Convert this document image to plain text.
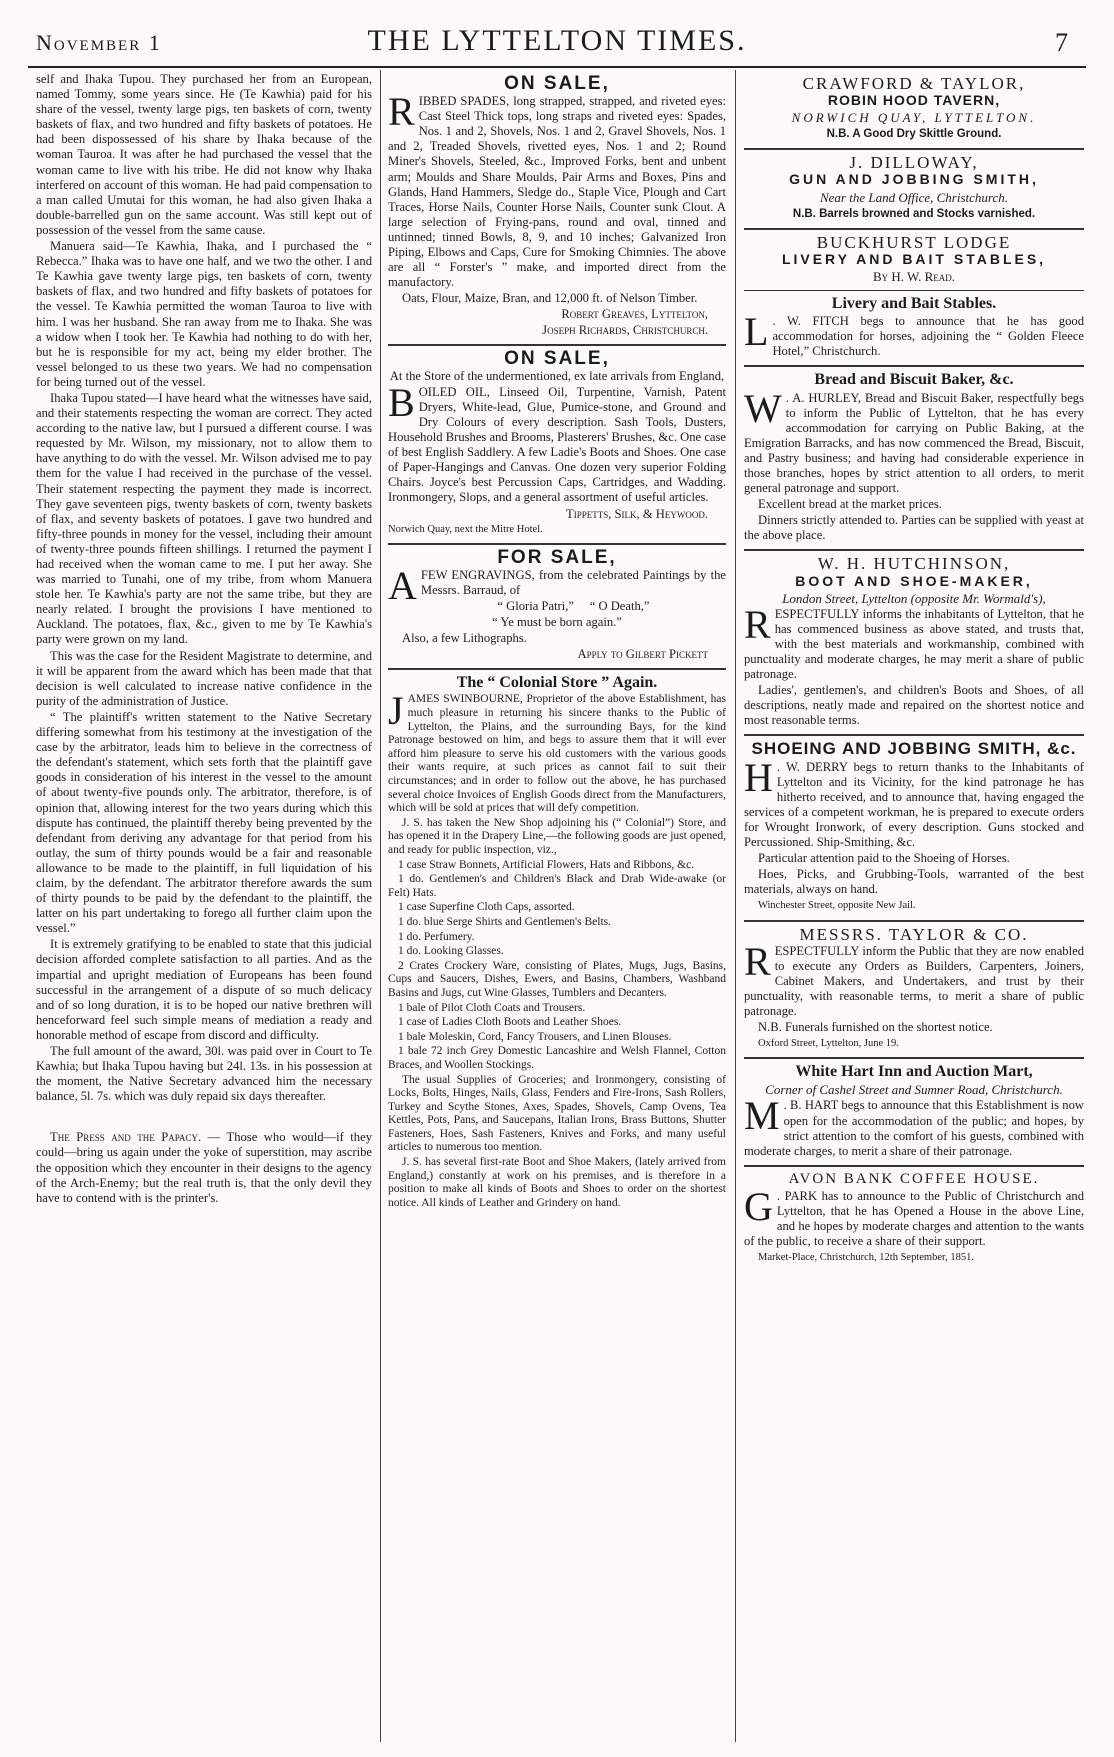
November 1	THE LYTTELTON TIMES.	7

self and Ihaka Tupou. They purchased her from an European, named Tommy, some years since. He (Te Kawhia) paid for his share of the vessel, twenty large pigs, ten baskets of corn, twenty baskets of flax, and two hundred and fifty baskets of potatoes. He had been dispossessed of his share by Ihaka because of the woman Tauroa. It was after he had purchased the vessel that the woman came to live with his tribe. He did not know why Ihaka interfered on account of this woman. He had paid compensation to a man called Umutai for this woman, he had also given Ihaka a double-barrelled gun on the same account. Was still kept out of possession of the vessel from the same cause.

Manuera said—Te Kawhia, Ihaka, and I purchased the “ Rebecca.” Ihaka was to have one half, and we two the other. I and Te Kawhia gave twenty large pigs, ten baskets of corn, twenty baskets of flax, and two hundred and fifty baskets of potatoes for the vessel. Te Kawhia permitted the woman Tauroa to live with him. I was her husband. She ran away from me to Ihaka. She was a widow when I took her. Te Kawhia had nothing to do with her, but he is responsible for my act, being my elder brother. The vessel belonged to us these two years. We had no compensation for being turned out of the vessel.

Ihaka Tupou stated—I have heard what the witnesses have said, and their statements respecting the woman are correct. They acted according to the native law, but I pursued a different course. I was requested by Mr. Wilson, my missionary, not to allow them to have anything to do with the vessel. Mr. Wilson advised me to pay them for the value I had received in the purchase of the vessel. Their statement respecting the payment they made is incorrect. They gave seventeen pigs, twenty baskets of corn, twenty baskets of flax, and seventy baskets of potatoes. I gave two hundred and fifty-three pounds in money for the vessel, including their amount of twenty-three pounds fifteen shillings. I returned the payment I had received when the woman came to me. I put her away. She was married to Tunahi, one of my tribe, from whom Manuera stole her. Te Kawhia's party are not the same tribe, but they are nearly related. I brought the provisions I have mentioned to Auckland. The potatoes, flax, &c., given to me by Te Kawhia's party were grown on my land.

This was the case for the Resident Magistrate to determine, and it will be apparent from the award which has been made that that decision is well calculated to increase native confidence in the purity of the administration of Justice.

“ The plaintiff's written statement to the Native Secretary differing somewhat from his testimony at the investigation of the case by the arbitrator, leads him to believe in the correctness of the defendant's statement, which sets forth that the plaintiff gave goods in consideration of his interest in the vessel to the amount of about twenty-five pounds only. The arbitrator, therefore, is of opinion that, allowing interest for the two years during which this dispute has continued, the plaintiff thereby being prevented by the defendant from deriving any advantage for that period from his outlay, the sum of thirty pounds would be a fair and reasonable allowance to be made to the plaintiff, in full liquidation of his claim, by the defendant. The arbitrator therefore awards the sum of thirty pounds to be paid by the defendant to the plaintiff, the latter on his part undertaking to forego all further claim upon the vessel.”

It is extremely gratifying to be enabled to state that this judicial decision afforded complete satisfaction to all parties. And as the impartial and upright mediation of Europeans has been found successful in the arrangement of a dispute of so much delicacy and of so long duration, it is to be hoped our native brethren will henceforward feel such simple means of mediation a ready and honorable method of escape from discord and difficulty.

The full amount of the award, 30l. was paid over in Court to Te Kawhia; but Ihaka Tupou having but 24l. 13s. in his possession at the moment, the Native Secretary advanced him the necessary balance, 5l. 7s. which was duly repaid six days thereafter.

The Press and the Papacy. — Those who would—if they could—bring us again under the yoke of superstition, may ascribe the opposition which they encounter in their designs to the agency of the Arch-Enemy; but the real truth is, that the only devil they have to contend with is the printer's.

ON SALE,

RIBBED SPADES, long strapped, strapped, and riveted eyes: Cast Steel Thick tops, long straps and riveted eyes: Spades, Nos. 1 and 2, Shovels, Nos. 1 and 2, Gravel Shovels, Nos. 1 and 2, Treaded Shovels, rivetted eyes, Nos. 1 and 2; Round Miner's Shovels, Steeled, &c., Improved Forks, bent and unbent arm; Moulds and Share Moulds, Pair Arms and Boxes, Pins and Glands, Hand Hammers, Sledge do., Staple Vice, Plough and Cart Traces, Horse Nails, Counter Horse Nails, Counter sunk Clout. A large selection of Frying-pans, round and oval, tinned and untinned; tinned Bowls, 8, 9, and 10 inches; Galvanized Iron Piping, Elbows and Caps, Cure for Smoking Chimnies. The above are all “ Forster's ” make, and imported direct from the manufactory.

Oats, Flour, Maize, Bran, and 12,000 ft. of Nelson Timber.

Robert Greaves, Lyttelton,

Joseph Richards, Christchurch.

ON SALE,

At the Store of the undermentioned, ex late arrivals from England,

BOILED OIL, Linseed Oil, Turpentine, Varnish, Patent Dryers, White-lead, Glue, Pumice-stone, and Ground and Dry Colours of every description. Sash Tools, Dusters, Household Brushes and Brooms, Plasterers' Brushes, &c. One case of best English Saddlery. A few Ladie's Boots and Shoes. One case of Paper-Hangings and Canvas. One dozen very superior Folding Chairs. Joyce's best Percussion Caps, Cartridges, and Wadding. Ironmongery, Slops, and a general assortment of useful articles.

Tippetts, Silk, & Heywood.

Norwich Quay, next the Mitre Hotel.

FOR SALE,

AFEW ENGRAVINGS, from the celebrated Paintings by the Messrs. Barraud, of

“ Gloria Patri,” “ O Death,”

“ Ye must be born again.”

Also, a few Lithographs.

Apply to Gilbert Pickett

The “ Colonial Store ” Again.

JAMES SWINBOURNE, Proprietor of the above Establishment, has much pleasure in returning his sincere thanks to the Public of Lyttelton, the Plains, and the surrounding Bays, for the kind Patronage bestowed on him, and begs to assure them that it will ever afford him pleasure to serve his old customers with the various goods their wants require, at such prices as cannot fail to suit their circumstances; and in order to follow out the above, he has purchased several choice Invoices of English Goods direct from the Manufacturers, which will be sold at prices that will defy competition.

J. S. has taken the New Shop adjoining his (“ Colonial”) Store, and has opened it in the Drapery Line,—the following goods are just opened, and ready for public inspection, viz.,

1 case Straw Bonnets, Artificial Flowers, Hats and Ribbons, &c.

1 do. Gentlemen's and Children's Black and Drab Wide-awake (or Felt) Hats.

1 case Superfine Cloth Caps, assorted.

1 do. blue Serge Shirts and Gentlemen's Belts.

1 do. Perfumery.

1 do. Looking Glasses.

2 Crates Crockery Ware, consisting of Plates, Mugs, Jugs, Basins, Cups and Saucers, Dishes, Ewers, and Basins, Chambers, Washband Basins and Jugs, cut Wine Glasses, Tumblers and Decanters.

1 bale of Pilot Cloth Coats and Trousers.

1 case of Ladies Cloth Boots and Leather Shoes.

1 bale Moleskin, Cord, Fancy Trousers, and Linen Blouses.

1 bale 72 inch Grey Domestic Lancashire and Welsh Flannel, Cotton Braces, and Woollen Stockings.

The usual Supplies of Groceries; and Ironmongery, consisting of Locks, Bolts, Hinges, Nails, Glass, Fenders and Fire-Irons, Sash Rollers, Turkey and Scythe Stones, Axes, Spades, Shovels, Camp Ovens, Tea Kettles, Pots, Pans, and Saucepans, Italian Irons, Brass Buttons, Shutter Fasteners, Hoes, Sash Fasteners, Knives and Forks, and many useful articles to numerous too mention.

J. S. has several first-rate Boot and Shoe Makers, (lately arrived from England,) constantly at work on his premises, and is therefore in a position to make all kinds of Boots and Shoes to order on the shortest notice. All kinds of Leather and Grindery on hand.

CRAWFORD & TAYLOR,
ROBIN HOOD TAVERN,
NORWICH QUAY, LYTTELTON.
N.B. A Good Dry Skittle Ground.
J. DILLOWAY,
GUN AND JOBBING SMITH,
Near the Land Office, Christchurch.
N.B. Barrels browned and Stocks varnished.
BUCKHURST LODGE
LIVERY AND BAIT STABLES,
By H. W. Read.
Livery and Bait Stables.

L . W. FITCH begs to announce that he has good accommodation for horses, adjoining the “ Golden Fleece Hotel,” Christchurch.

Bread and Biscuit Baker, &c.

W . A. HURLEY, Bread and Biscuit Baker, respectfully begs to inform the Public of Lyttelton, that he has every accommodation for carrying on Public Baking, at the Emigration Barracks, and has now commenced the Bread, Biscuit, and Pastry business; and having had considerable experience in those branches, hopes by strict attention to all orders, to merit general patronage and support.

Excellent bread at the market prices.

Dinners strictly attended to. Parties can be supplied with yeast at the above place.

W. H. HUTCHINSON,
BOOT AND SHOE-MAKER,
London Street, Lyttelton (opposite Mr. Wormald's),

RESPECTFULLY informs the inhabitants of Lyttelton, that he has commenced business as above stated, and trusts that, with the best materials and workmanship, combined with punctuality and moderate charges, he may merit a share of public patronage.

Ladies', gentlemen's, and children's Boots and Shoes, of all descriptions, neatly made and repaired on the shortest notice and most reasonable terms.

SHOEING AND JOBBING SMITH, &c.

H . W. DERRY begs to return thanks to the Inhabitants of Lyttelton and its Vicinity, for the kind patronage he has hitherto received, and to announce that, having engaged the services of a competent workman, he is prepared to execute orders for Wrought Ironwork, of every description. Guns stocked and Percussioned. Ship-Smithing, &c.

Particular attention paid to the Shoeing of Horses.

Hoes, Picks, and Grubbing-Tools, warranted of the best materials, always on hand.

Winchester Street, opposite New Jail.

MESSRS. TAYLOR & CO.

RESPECTFULLY inform the Public that they are now enabled to execute any Orders as Builders, Carpenters, Joiners, Cabinet Makers, and Undertakers, and trust by their punctuality, with reasonable terms, to merit a share of public patronage.

N.B. Funerals furnished on the shortest notice.

Oxford Street, Lyttelton, June 19.

White Hart Inn and Auction Mart,
Corner of Cashel Street and Sumner Road, Christchurch.

M . B. HART begs to announce that this Establishment is now open for the accommodation of the public; and hopes, by strict attention to the comfort of his guests, combined with moderate charges, to merit a share of their patronage.

AVON BANK COFFEE HOUSE.

G . PARK has to announce to the Public of Christchurch and Lyttelton, that he has Opened a House in the above Line, and he hopes by moderate charges and attention to the wants of the public, to receive a share of their support.

Market-Place, Christchurch, 12th September, 1851.
